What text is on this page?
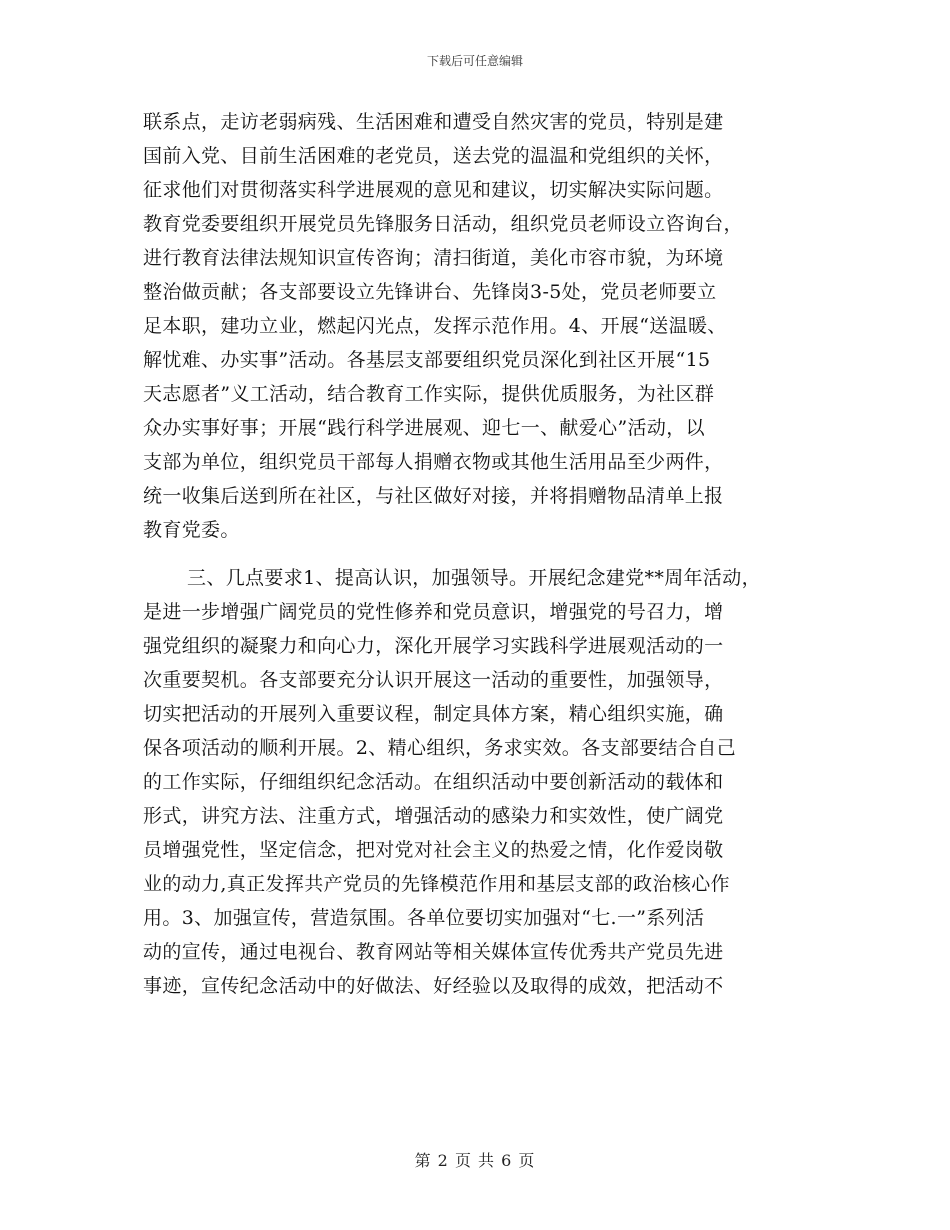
下载后可任意编辑
联系点，走访老弱病残、生活困难和遭受自然灾害的党员，特别是建
国前入党、目前生活困难的老党员，送去党的温温和党组织的关怀，
征求他们对贯彻落实科学进展观的意见和建议，切实解决实际问题。
教育党委要组织开展党员先锋服务日活动，组织党员老师设立咨询台，
进行教育法律法规知识宣传咨询；清扫街道，美化市容市貌，为环境
整治做贡献；各支部要设立先锋讲台、先锋岗3-5处，党员老师要立
足本职，建功立业，燃起闪光点，发挥示范作用。4、开展“送温暖、
解忧难、办实事”活动。各基层支部要组织党员深化到社区开展“15
天志愿者”义工活动，结合教育工作实际，提供优质服务，为社区群
众办实事好事；开展“践行科学进展观、迎七一、献爱心”活动，以
支部为单位，组织党员干部每人捐赠衣物或其他生活用品至少两件，
统一收集后送到所在社区，与社区做好对接，并将捐赠物品清单上报
教育党委。
三、几点要求1、提高认识，加强领导。开展纪念建党**周年活动，
是进一步增强广阔党员的党性修养和党员意识，增强党的号召力，增
强党组织的凝聚力和向心力，深化开展学习实践科学进展观活动的一
次重要契机。各支部要充分认识开展这一活动的重要性，加强领导，
切实把活动的开展列入重要议程，制定具体方案，精心组织实施，确
保各项活动的顺利开展。2、精心组织，务求实效。各支部要结合自己
的工作实际，仔细组织纪念活动。在组织活动中要创新活动的载体和
形式，讲究方法、注重方式，增强活动的感染力和实效性，使广阔党
员增强党性，坚定信念，把对党对社会主义的热爱之情，化作爱岗敬
业的动力,真正发挥共产党员的先锋模范作用和基层支部的政治核心作
用。3、加强宣传，营造氛围。各单位要切实加强对“七.一”系列活
动的宣传，通过电视台、教育网站等相关媒体宣传优秀共产党员先进
事迹，宣传纪念活动中的好做法、好经验以及取得的成效，把活动不
第 2 页 共 6 页
